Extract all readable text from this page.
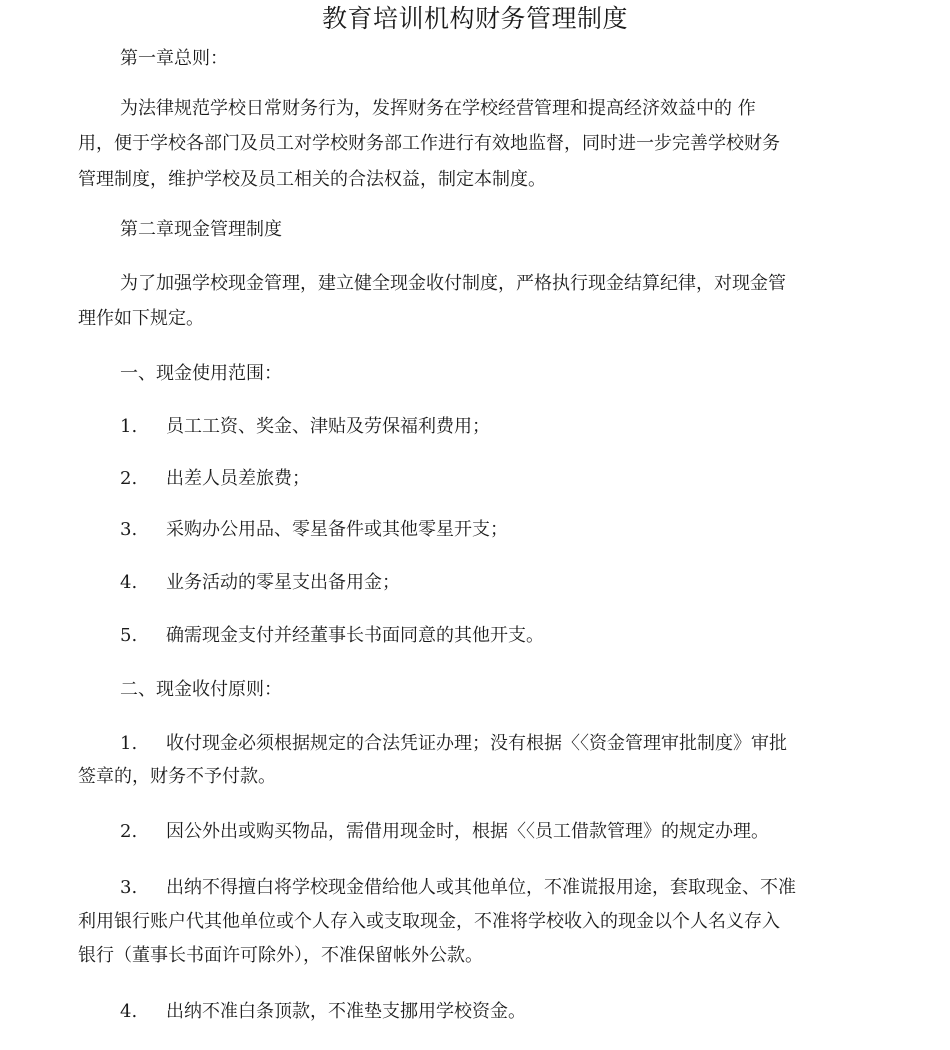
教育培训机构财务管理制度
第一章总则：
为法律规范学校日常财务行为，发挥财务在学校经营管理和提高经济效益中的 作
用，便于学校各部门及员工对学校财务部工作进行有效地监督，同时进一步完善学校财务
管理制度，维护学校及员工相关的合法权益，制定本制度。
第二章现金管理制度
为了加强学校现金管理，建立健全现金收付制度，严格执行现金结算纪律，对现金管
理作如下规定。
一、现金使用范围：
1. 员工工资、奖金、津贴及劳保福利费用；
2. 出差人员差旅费；
3. 采购办公用品、零星备件或其他零星开支；
4. 业务活动的零星支出备用金；
5. 确需现金支付并经董事长书面同意的其他开支。
二、现金收付原则：
1. 收付现金必须根据规定的合法凭证办理；没有根据〈〈资金管理审批制度》审批
签章的，财务不予付款。
2. 因公外出或购买物品，需借用现金时，根据〈〈员工借款管理》的规定办理。
3. 出纳不得擅白将学校现金借给他人或其他单位，不准谎报用途，套取现金、不准
利用银行账户代其他单位或个人存入或支取现金，不准将学校收入的现金以个人名义存入
银行（董事长书面许可除外），不准保留帐外公款。
4. 出纳不准白条顶款，不准垫支挪用学校资金。
